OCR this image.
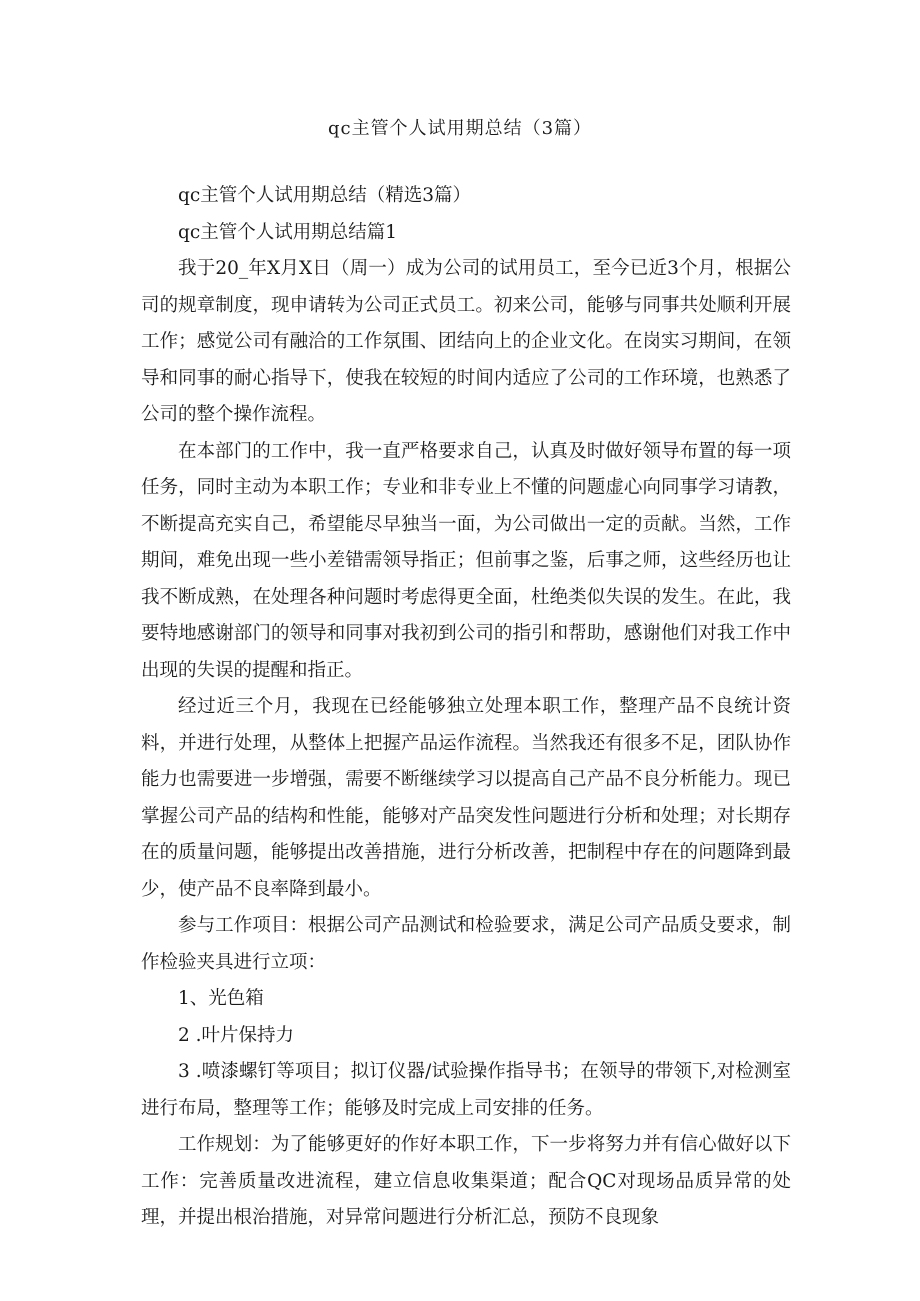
qc主管个人试用期总结（3篇）

qc主管个人试用期总结（精选3篇）

qc主管个人试用期总结篇1

我于20_年X月X日（周一）成为公司的试用员工，至今已近3个月，根据公司的规章制度，现申请转为公司正式员工。初来公司，能够与同事共处顺利开展工作；感觉公司有融洽的工作氛围、团结向上的企业文化。在岗实习期间，在领导和同事的耐心指导下，使我在较短的时间内适应了公司的工作环境，也熟悉了公司的整个操作流程。

在本部门的工作中，我一直严格要求自己，认真及时做好领导布置的每一项任务，同时主动为本职工作；专业和非专业上不懂的问题虚心向同事学习请教，不断提高充实自己，希望能尽早独当一面，为公司做出一定的贡献。当然，工作期间，难免出现一些小差错需领导指正；但前事之鉴，后事之师，这些经历也让我不断成熟，在处理各种问题时考虑得更全面，杜绝类似失误的发生。在此，我要特地感谢部门的领导和同事对我初到公司的指引和帮助，感谢他们对我工作中出现的失误的提醒和指正。

经过近三个月，我现在已经能够独立处理本职工作，整理产品不良统计资料，并进行处理，从整体上把握产品运作流程。当然我还有很多不足，团队协作能力也需要进一步增强，需要不断继续学习以提高自己产品不良分析能力。现已掌握公司产品的结构和性能，能够对产品突发性问题进行分析和处理；对长期存在的质量问题，能够提出改善措施，进行分析改善，把制程中存在的问题降到最少，使产品不良率降到最小。

参与工作项目：根据公司产品测试和检验要求，满足公司产品质殳要求，制作检验夹具进行立项：

1、光色箱

2 .叶片保持力

3 .喷漆螺钉等项目；拟订仪器/试验操作指导书；在领导的带领下,对检测室进行布局，整理等工作；能够及时完成上司安排的任务。

工作规划：为了能够更好的作好本职工作，下一步将努力并有信心做好以下工作：完善质量改进流程，建立信息收集渠道；配合QC对现场品质异常的处理，并提出根治措施，对异常问题进行分析汇总，预防不良现象
